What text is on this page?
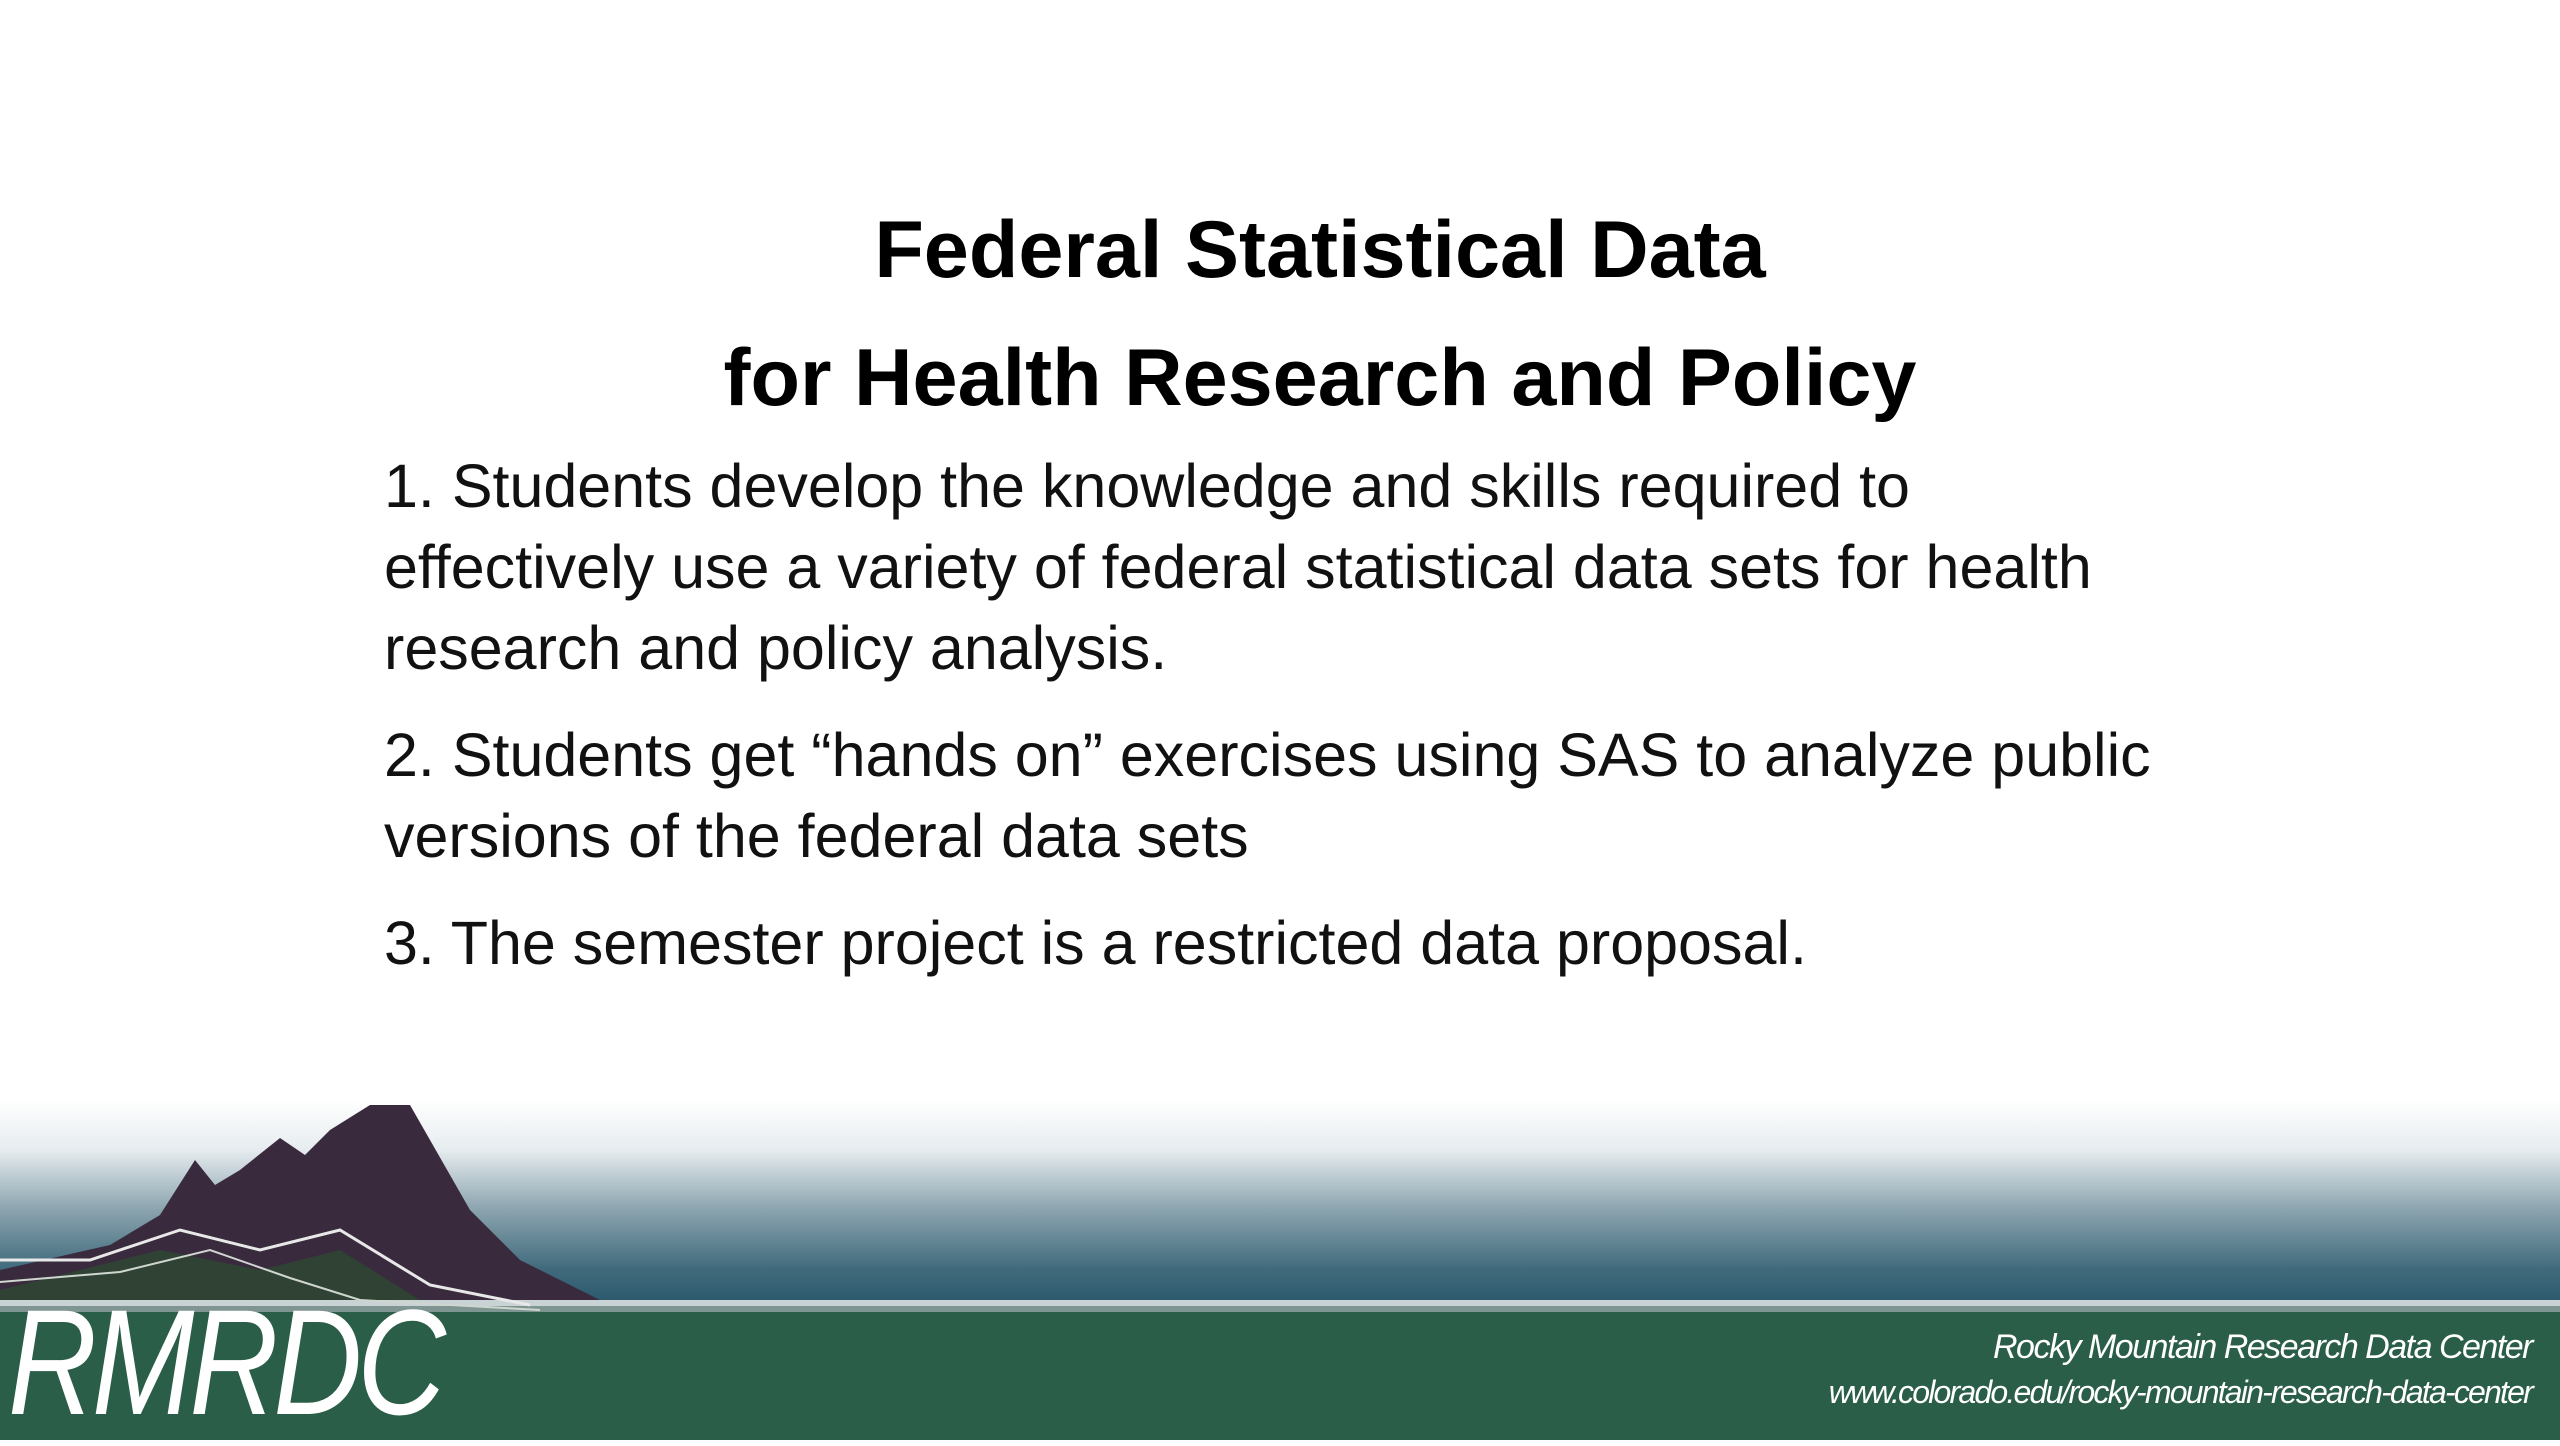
Federal Statistical Data
for Health Research and Policy

1. Students develop the knowledge and skills required to effectively use a variety of federal statistical data sets for health research and policy analysis.

2. Students get “hands on” exercises using SAS to analyze public versions of the federal data sets

3. The semester project is a restricted data proposal.

RMRDC	Rocky Mountain Research Data Center
www.colorado.edu/rocky-mountain-research-data-center
